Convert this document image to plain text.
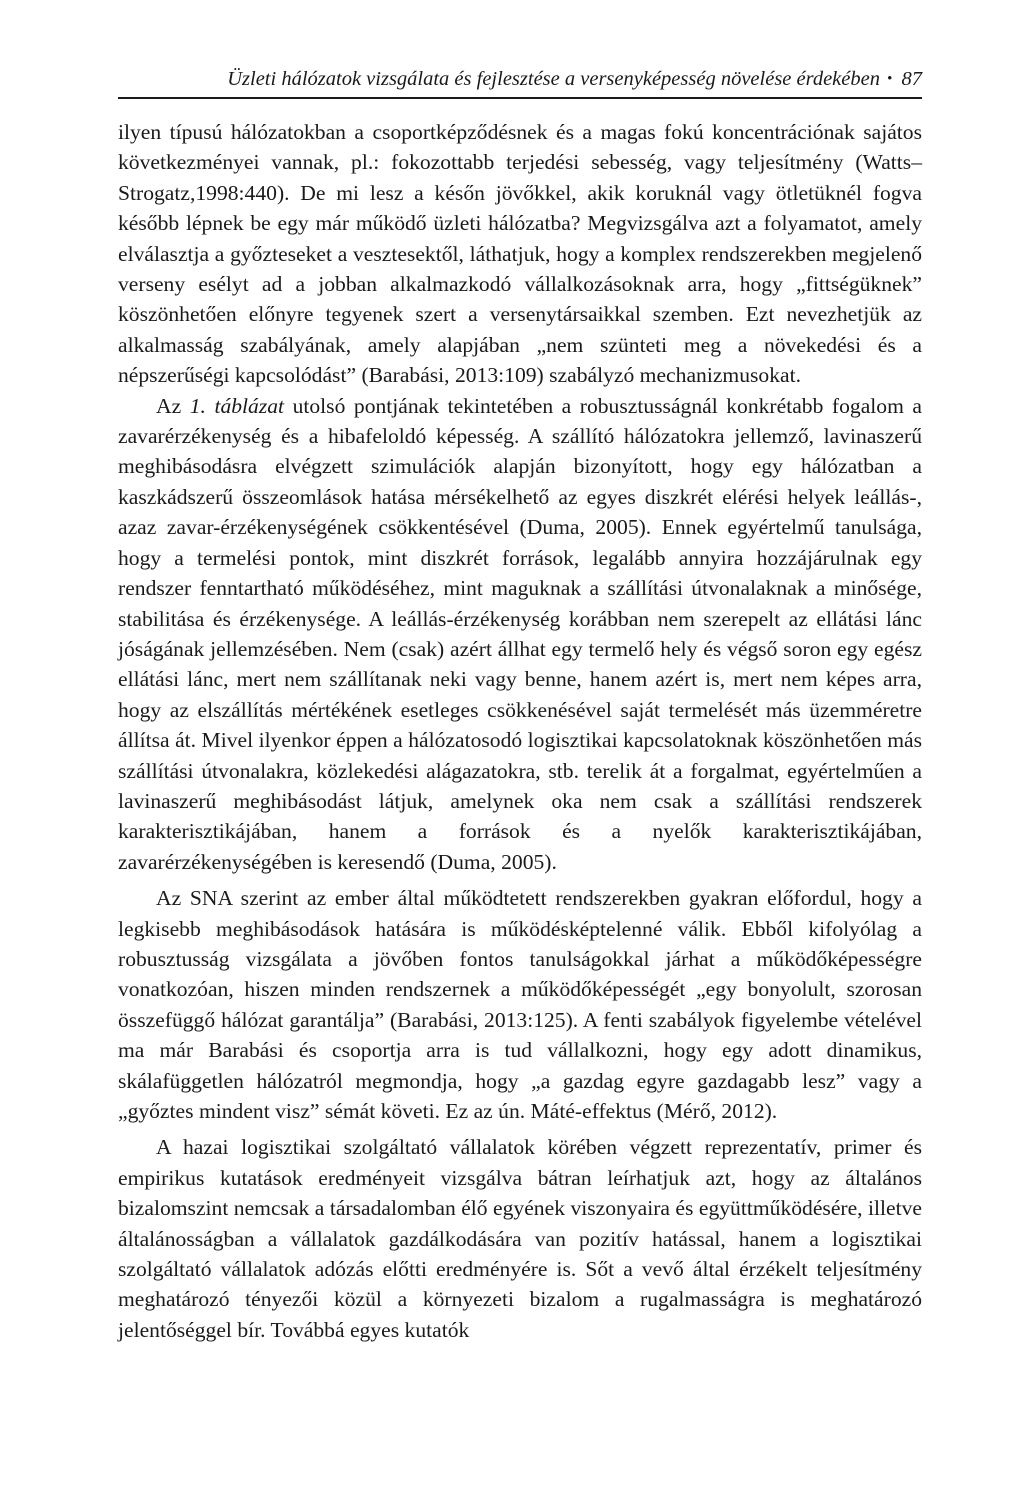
Üzleti hálózatok vizsgálata és fejlesztése a versenyképesség növelése érdekében • 87

ilyen típusú hálózatokban a csoportképződésnek és a magas fokú koncentrációnak sajátos következményei vannak, pl.: fokozottabb terjedési sebesség, vagy teljesítmény (Watts–Strogatz,1998:440). De mi lesz a későn jövőkkel, akik koruknál vagy ötletüknél fogva később lépnek be egy már működő üzleti hálózatba? Megvizsgálva azt a folyamatot, amely elválasztja a győzteseket a vesztesektől, láthatjuk, hogy a komplex rendszerekben megjelenő verseny esélyt ad a jobban alkalmazkodó vállalkozásoknak arra, hogy „fittségüknek” köszönhetően előnyre tegyenek szert a versenytársaikkal szemben. Ezt nevezhetjük az alkalmasság szabályának, amely alapjában „nem szünteti meg a növekedési és a népszerűségi kapcsolódást” (Barabási, 2013:109) szabályzó mechanizmusokat.

Az 1. táblázat utolsó pontjának tekintetében a robusztusságnál konkrétabb fogalom a zavarérzékenység és a hibafeloldó képesség. A szállító hálózatokra jellemző, lavinaszerű meghibásodásra elvégzett szimulációk alapján bizonyított, hogy egy hálózatban a kaszkádszerű összeomlások hatása mérsékelhető az egyes diszkrét elérési helyek leállás-, azaz zavar-érzékenységének csökkentésével (Duma, 2005). Ennek egyértelmű tanulsága, hogy a termelési pontok, mint diszkrét források, legalább annyira hozzájárulnak egy rendszer fenntartható működéséhez, mint maguknak a szállítási útvonalaknak a minősége, stabilitása és érzékenysége. A leállás-érzékenység korábban nem szerepelt az ellátási lánc jóságának jellemzésében. Nem (csak) azért állhat egy termelő hely és végső soron egy egész ellátási lánc, mert nem szállítanak neki vagy benne, hanem azért is, mert nem képes arra, hogy az elszállítás mértékének esetleges csökkenésével saját termelését más üzemméretre állítsa át. Mivel ilyenkor éppen a hálózatosodó logisztikai kapcsolatoknak köszönhetően más szállítási útvonalakra, közlekedési alágazatokra, stb. terelik át a forgalmat, egyértelműen a lavinaszerű meghibásodást látjuk, amelynek oka nem csak a szállítási rendszerek karakterisztikájában, hanem a források és a nyelők karakterisztikájában, zavarérzékenységében is keresendő (Duma, 2005).

Az SNA szerint az ember által működtetett rendszerekben gyakran előfordul, hogy a legkisebb meghibásodások hatására is működésképtelenné válik. Ebből kifolyólag a robusztusság vizsgálata a jövőben fontos tanulságokkal járhat a működőképességre vonatkozóan, hiszen minden rendszernek a működőképességét „egy bonyolult, szorosan összefüggő hálózat garantálja” (Barabási, 2013:125). A fenti szabályok figyelembe vételével ma már Barabási és csoportja arra is tud vállalkozni, hogy egy adott dinamikus, skálafüggetlen hálózatról megmondja, hogy „a gazdag egyre gazdagabb lesz” vagy a „győztes mindent visz” sémát követi. Ez az ún. Máté-effektus (Mérő, 2012).

A hazai logisztikai szolgáltató vállalatok körében végzett reprezentatív, primer és empirikus kutatások eredményeit vizsgálva bátran leírhatjuk azt, hogy az általános bizalomszint nemcsak a társadalomban élő egyének viszonyaira és együttműködésére, illetve általánosságban a vállalatok gazdálkodására van pozitív hatással, hanem a logisztikai szolgáltató vállalatok adózás előtti eredményére is. Sőt a vevő által érzékelt teljesítmény meghatározó tényezői közül a környezeti bizalom a rugalmasságra is meghatározó jelentőséggel bír. Továbbá egyes kutatók
